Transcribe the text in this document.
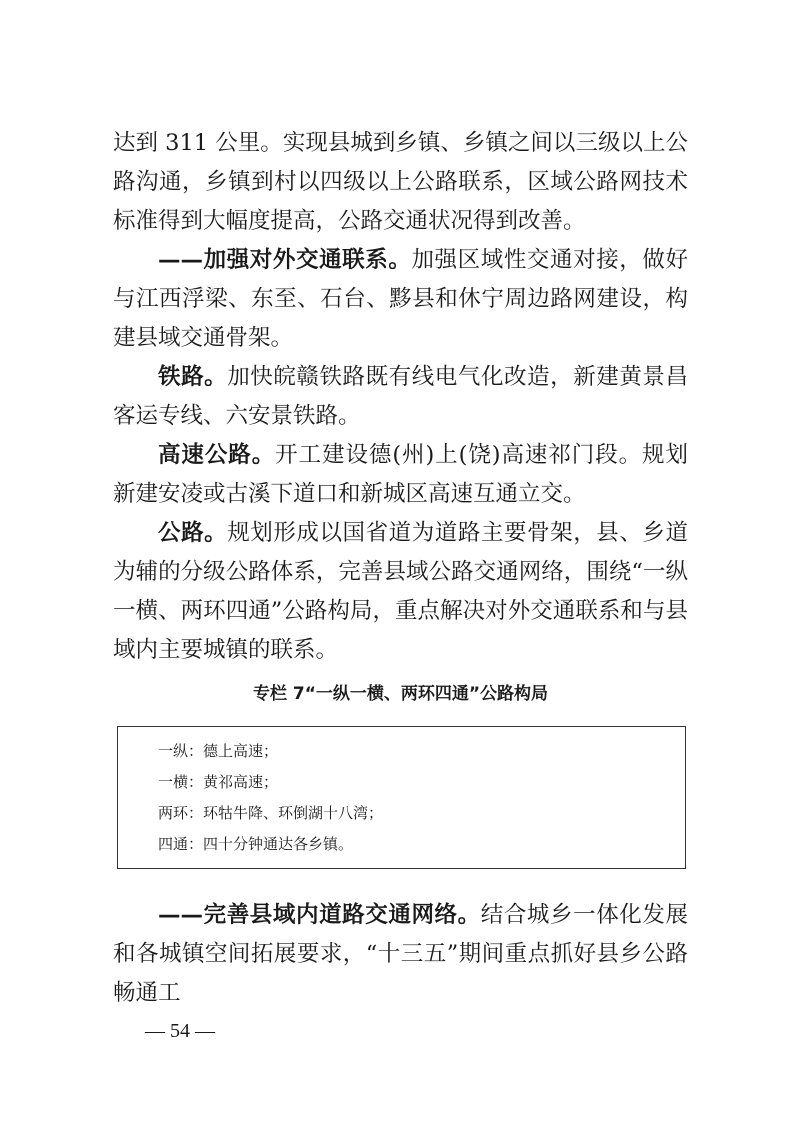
达到 311 公里。实现县城到乡镇、乡镇之间以三级以上公路沟通，乡镇到村以四级以上公路联系，区域公路网技术标准得到大幅度提高，公路交通状况得到改善。
——加强对外交通联系。加强区域性交通对接，做好与江西浮梁、东至、石台、黟县和休宁周边路网建设，构建县域交通骨架。
铁路。加快皖赣铁路既有线电气化改造，新建黄景昌客运专线、六安景铁路。
高速公路。开工建设德(州)上(饶)高速祁门段。规划新建安凌或古溪下道口和新城区高速互通立交。
公路。规划形成以国省道为道路主要骨架，县、乡道为辅的分级公路体系，完善县域公路交通网络，围绕“一纵一横、两环四通”公路构局，重点解决对外交通联系和与县域内主要城镇的联系。
专栏 7“一纵一横、两环四通”公路构局
一纵：德上高速；
一横：黄祁高速；
两环：环牯牛降、环倒湖十八湾；
四通：四十分钟通达各乡镇。
——完善县域内道路交通网络。结合城乡一体化发展和各城镇空间拓展要求，“十三五”期间重点抓好县乡公路畅通工
— 54 —
